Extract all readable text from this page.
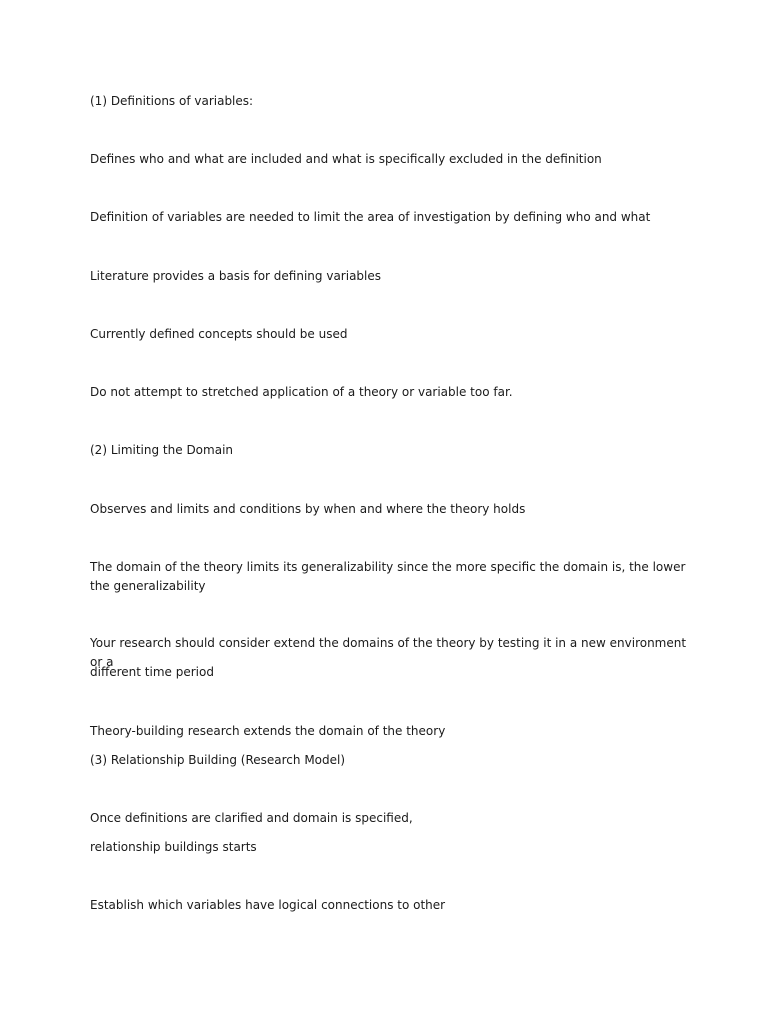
(1) Definitions of variables:

Defines who and what are included and what is specifically excluded in the definition

Definition of variables are needed to limit the area of investigation by defining who and what

Literature provides a basis for defining variables

Currently defined concepts should be used

Do not attempt to stretched application of a theory or variable too far.

(2) Limiting the Domain

Observes and limits and conditions by when and where the theory holds

The domain of the theory limits its generalizability since the more specific the domain is, the lower the generalizability

Your research should consider extend the domains of the theory by testing it in a new environment or a

different time period

Theory-building research extends the domain of the theory

(3) Relationship Building (Research Model)

Once definitions are clarified and domain is specified,

relationship buildings starts

Establish which variables have logical connections to other
